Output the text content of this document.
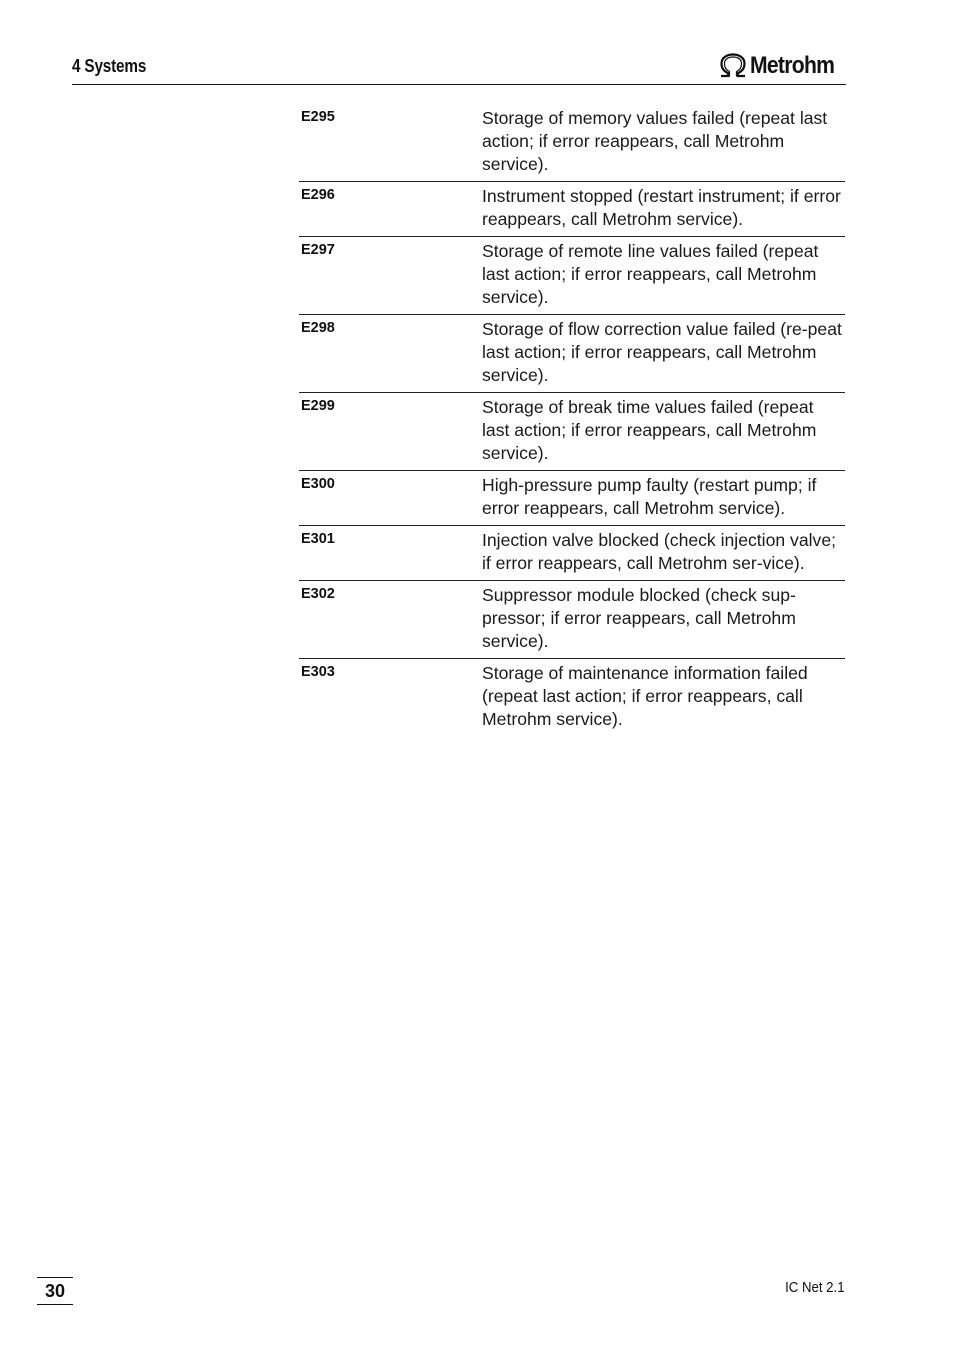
4 Systems	Metrohm
E295	Storage of memory values failed (repeat last action; if error reappears, call Metrohm service).
E296	Instrument stopped (restart instrument; if error reappears, call Metrohm service).
E297	Storage of remote line values failed (repeat last action; if error reappears, call Metrohm service).
E298	Storage of flow correction value failed (re-peat last action; if error reappears, call Metrohm service).
E299	Storage of break time values failed (repeat last action; if error reappears, call Metrohm service).
E300	High-pressure pump faulty (restart pump; if error reappears, call Metrohm service).
E301	Injection valve blocked (check injection valve; if error reappears, call Metrohm ser-vice).
E302	Suppressor module blocked (check sup-pressor; if error reappears, call Metrohm service).
E303	Storage of maintenance information failed (repeat last action; if error reappears, call Metrohm service).
30	IC Net 2.1
